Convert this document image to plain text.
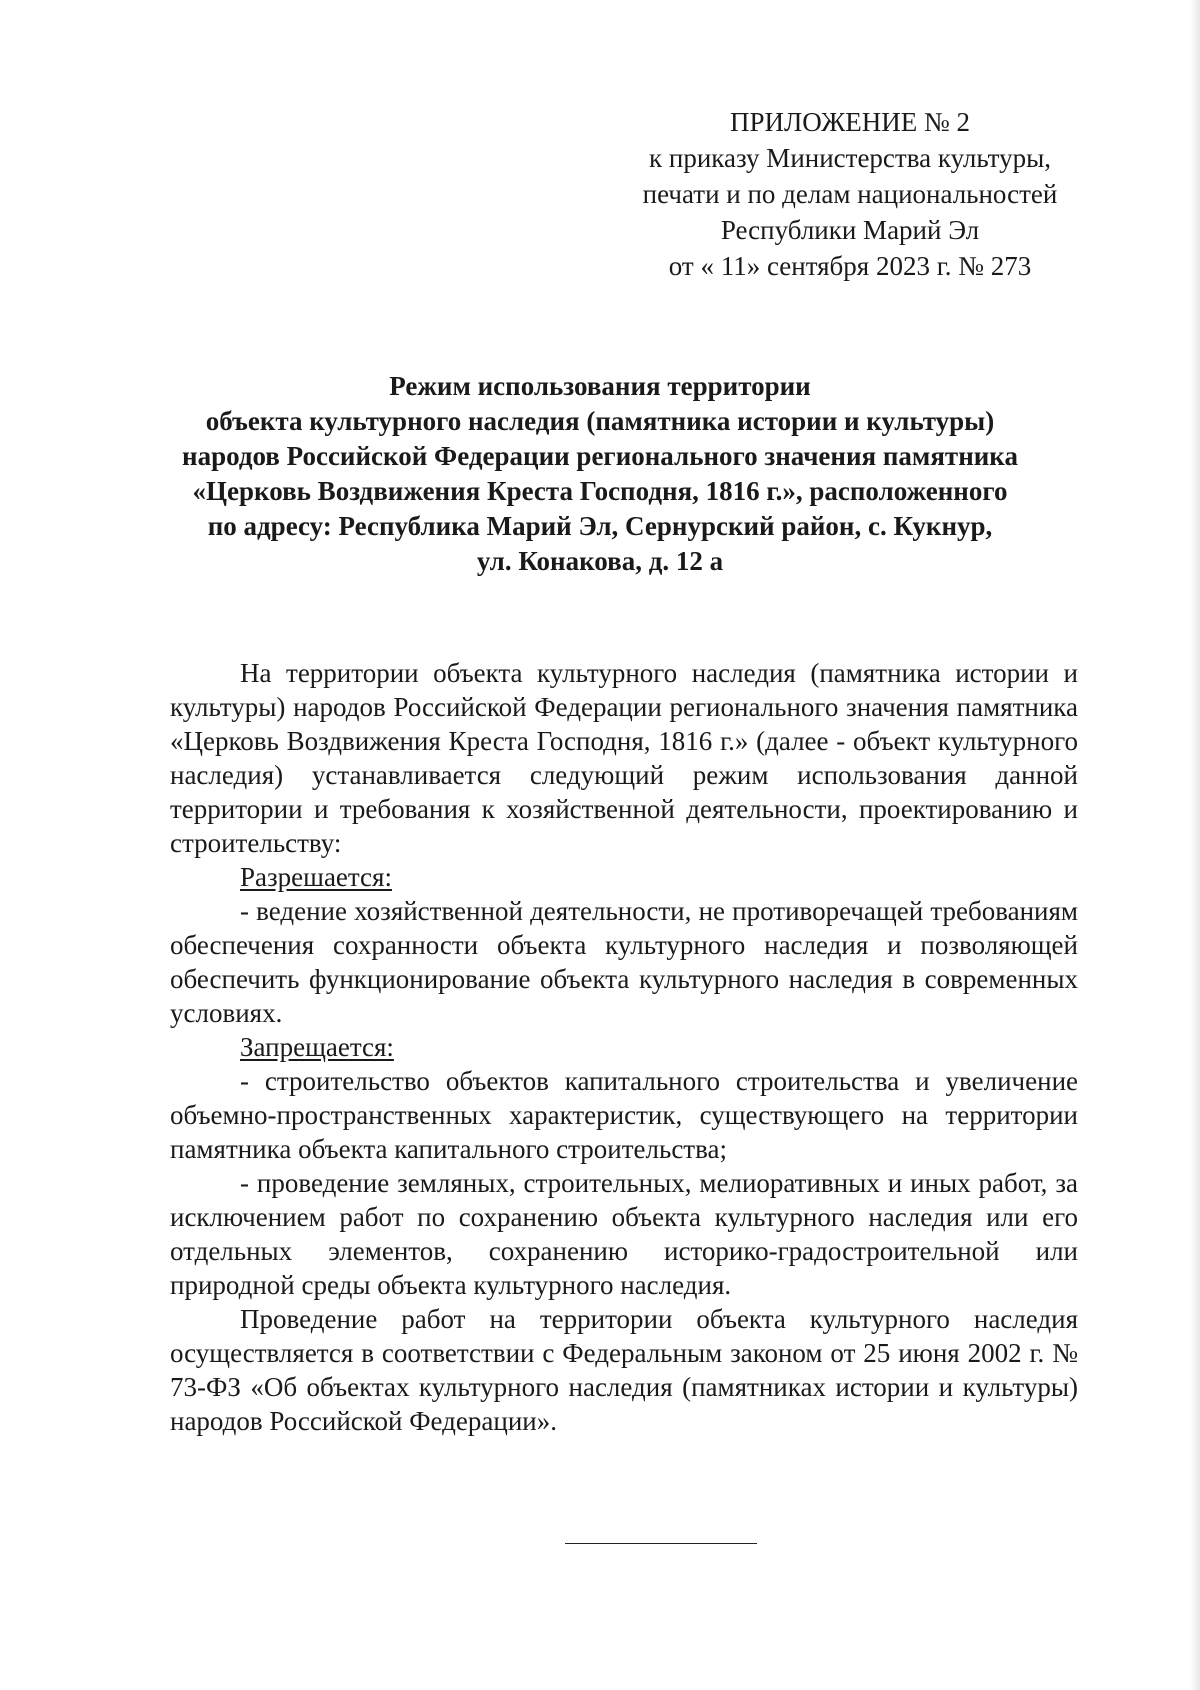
ПРИЛОЖЕНИЕ № 2
к приказу Министерства культуры,
печати и по делам национальностей
Республики Марий Эл
от « 11» сентября 2023 г. № 273
Режим использования территории
объекта культурного наследия (памятника истории и культуры)
народов Российской Федерации регионального значения памятника
«Церковь Воздвижения Креста Господня, 1816 г.», расположенного
по адресу: Республика Марий Эл, Сернурский район, с. Кукнур,
ул. Конакова, д. 12 а

На территории объекта культурного наследия (памятника истории и культуры) народов Российской Федерации регионального значения памятника «Церковь Воздвижения Креста Господня, 1816 г.» (далее - объект культурного наследия) устанавливается следующий режим использования данной территории и требования к хозяйственной деятельности, проектированию и строительству:

Разрешается:

- ведение хозяйственной деятельности, не противоречащей требованиям обеспечения сохранности объекта культурного наследия и позволяющей обеспечить функционирование объекта культурного наследия в современных условиях.

Запрещается:

- строительство объектов капитального строительства и увеличение объемно-пространственных характеристик, существующего на территории памятника объекта капитального строительства;

- проведение земляных, строительных, мелиоративных и иных работ, за исключением работ по сохранению объекта культурного наследия или его отдельных элементов, сохранению историко-градостроительной или природной среды объекта культурного наследия.

Проведение работ на территории объекта культурного наследия осуществляется в соответствии с Федеральным законом от 25 июня 2002 г. № 73-ФЗ «Об объектах культурного наследия (памятниках истории и культуры) народов Российской Федерации».
